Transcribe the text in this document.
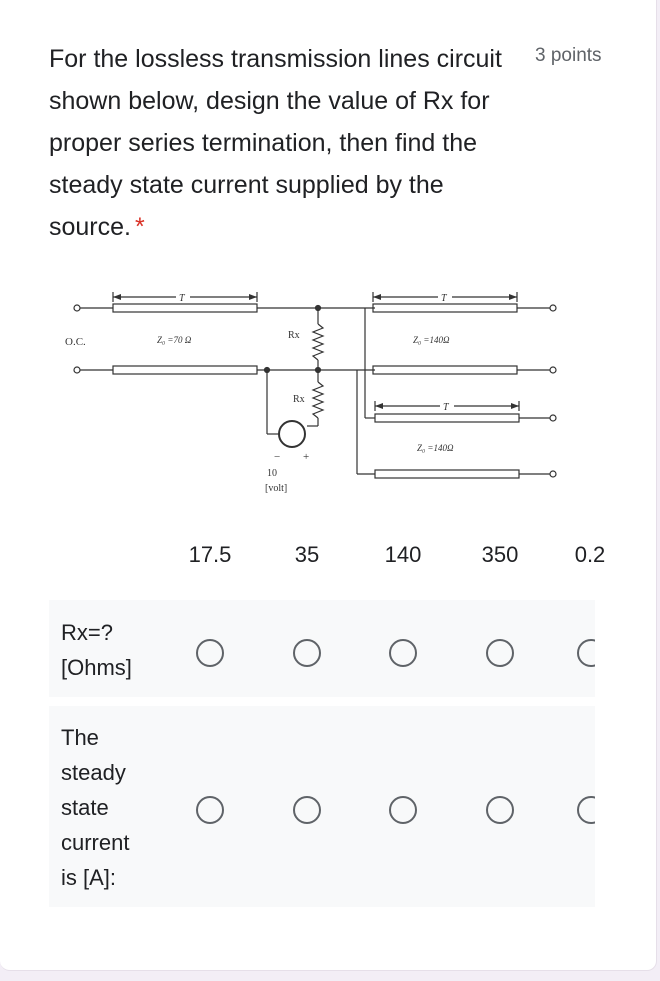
For the lossless transmission lines circuit shown below, design the value of Rx for proper series termination, then find the steady state current supplied by the source. *
3 points
O.C.
T
Z₀ =70 Ω	Rx
Rx
− +
10
[volt]
T
Z₀ =140Ω
T
Z₀ =140Ω
17.5	35	140	350	0.2
Rx=?
[Ohms]
The
steady
state
current
is [A]:
